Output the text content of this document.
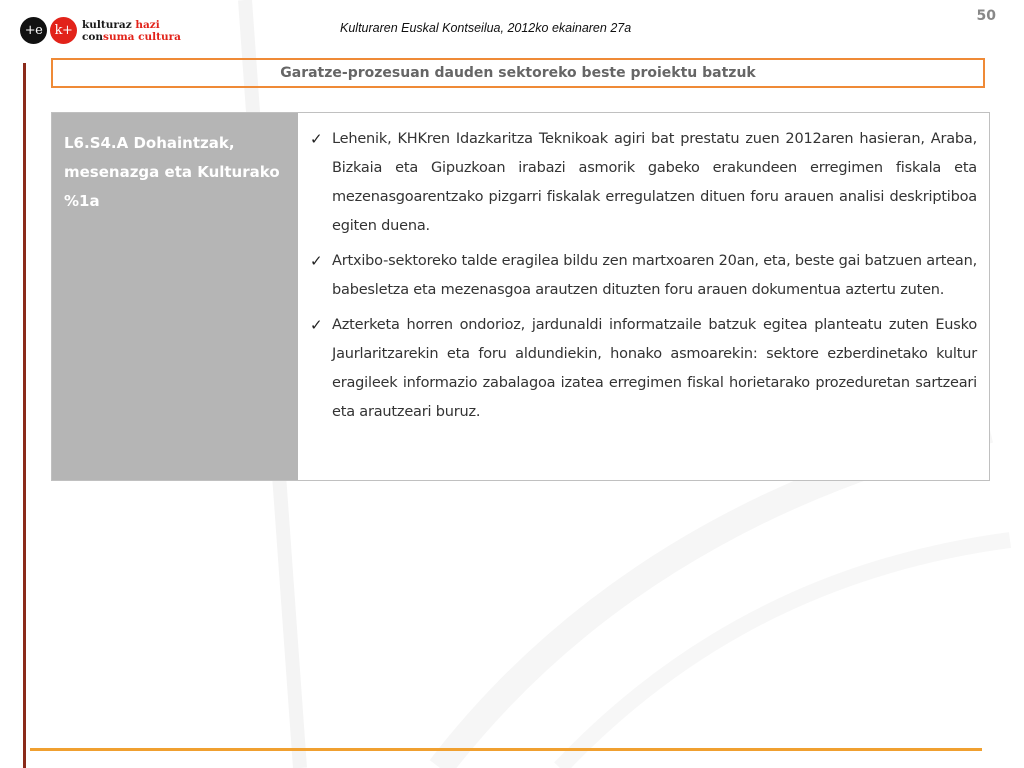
+e k+ kulturaz hazi
consuma cultura
Kulturaren Euskal Kontseilua, 2012ko ekainaren 27a
50
Garatze-prozesuan dauden sektoreko beste proiektu batzuk
L6.S4.A Dohaintzak, mesenazga eta Kulturako %1a
✓ Lehenik, KHKren Idazkaritza Teknikoak agiri bat prestatu zuen 2012aren hasieran, Araba, Bizkaia eta Gipuzkoan irabazi asmorik gabeko erakundeen erregimen fiskala eta mezenasgoarentzako pizgarri fiskalak erregulatzen dituen foru arauen analisi deskriptiboa egiten duena.
✓ Artxibo-sektoreko talde eragilea bildu zen martxoaren 20an, eta, beste gai batzuen artean, babesletza eta mezenasgoa arautzen dituzten foru arauen dokumentua aztertu zuten.
✓ Azterketa horren ondorioz, jardunaldi informatzaile batzuk egitea planteatu zuten Eusko Jaurlaritzarekin eta foru aldundiekin, honako asmoarekin: sektore ezberdinetako kultur eragileek informazio zabalagoa izatea erregimen fiskal horietarako prozeduretan sartzeari eta arautzeari buruz.
